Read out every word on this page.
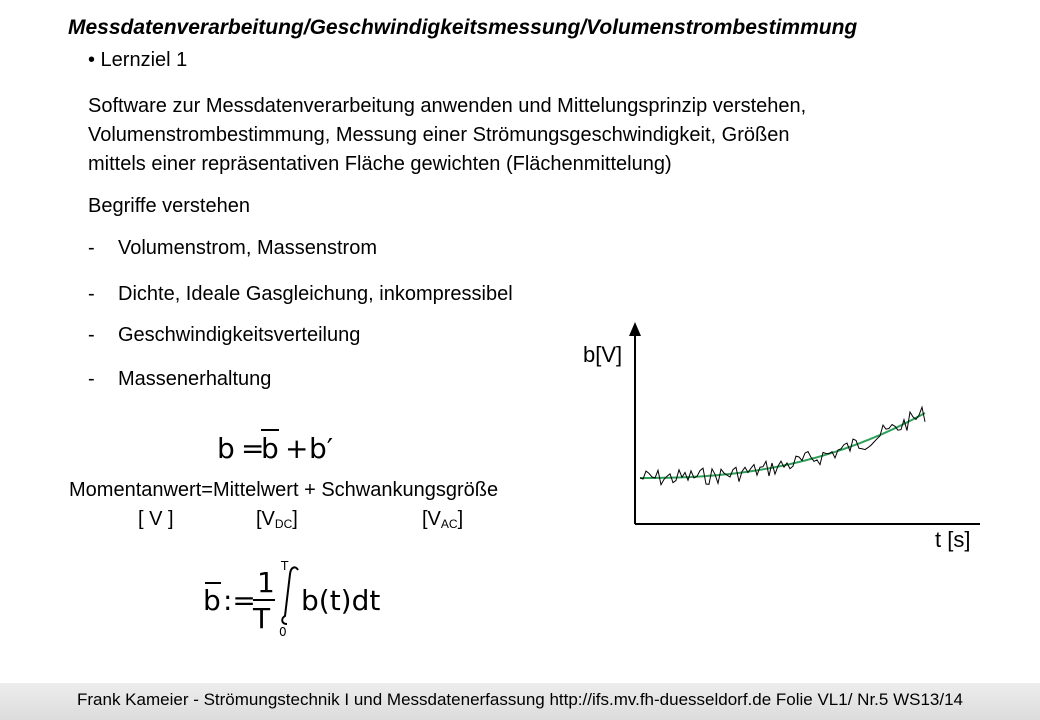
Messdatenverarbeitung/Geschwindigkeitsmessung/Volumenstrombestimmung
• Lernziel 1
Software zur Messdatenverarbeitung anwenden und Mittelungsprinzip verstehen,
Volumenstrombestimmung, Messung einer Strömungsgeschwindigkeit, Größen
mittels einer repräsentativen Fläche gewichten (Flächenmittelung)
Begriffe verstehen
- Volumenstrom, Massenstrom
- Dichte, Ideale Gasgleichung, inkompressibel
- Geschwindigkeitsverteilung
- Massenerhaltung
b =
b + b′
Momentanwert=Mittelwert + Schwankungsgröße
[ V ]	$[V_{DC}]$	$[V_{AC}]$
b :=
1
T
T
0
b(t)dt
b[V]
t [s]
Frank Kameier - Strömungstechnik I und Messdatenerfassung http://ifs.mv.fh-duesseldorf.de Folie VL1/ Nr.5 WS13/14
